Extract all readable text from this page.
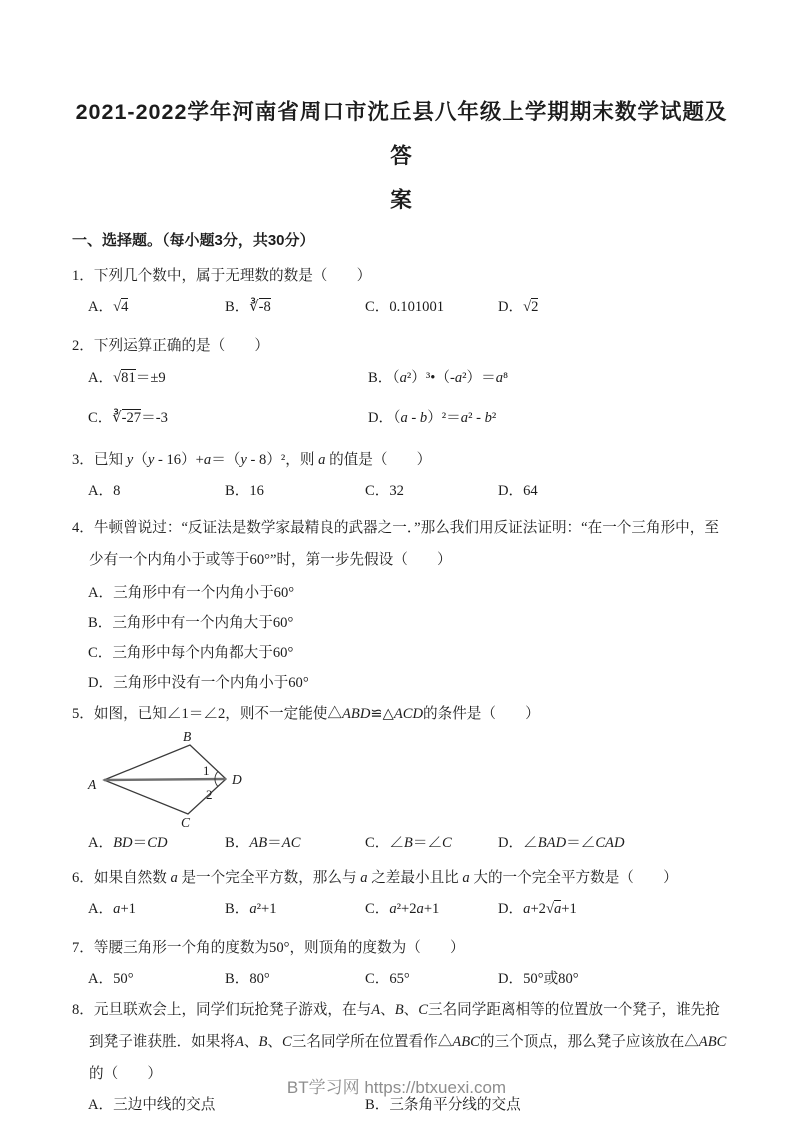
2021-2022学年河南省周口市沈丘县八年级上学期期末数学试题及答
案
一、选择题。（每小题3分，共30分）

1．下列几个数中，属于无理数的数是（　　）

A．√4	B．∛-8	C．0.101001	D．√2

2．下列运算正确的是（　　）

A．√81＝±9	B．（a²）³•（-a²）＝a⁸
C．∛-27＝-3	D．（a - b）²＝a² - b²

3．已知 y（y - 16）+a＝（y - 8）²，则 a 的值是（　　）

A．8	B．16	C．32	D．64

4．牛顿曾说过：“反证法是数学家最精良的武器之一．”那么我们用反证法证明：“在一个三角形中，至少有一个内角小于或等于60°”时，第一步先假设（　　）

A．三角形中有一个内角小于60°
B．三角形中有一个内角大于60°
C．三角形中每个内角都大于60°
D．三角形中没有一个内角小于60°

5．如图，已知∠1＝∠2，则不一定能使△ABD≌△ACD的条件是（　　）

A
B
C
D
1
2
A．BD＝CD	B．AB＝AC	C．∠B＝∠C	D．∠BAD＝∠CAD

6．如果自然数 a 是一个完全平方数，那么与 a 之差最小且比 a 大的一个完全平方数是（　　）

A．a+1	B．a²+1	C．a²+2a+1	D．a+2√a+1

7．等腰三角形一个角的度数为50°，则顶角的度数为（　　）

A．50°	B．80°	C．65°	D．50°或80°

8．元旦联欢会上，同学们玩抢凳子游戏，在与A、B、C三名同学距离相等的位置放一个凳子，谁先抢到凳子谁获胜．如果将A、B、C三名同学所在位置看作△ABC的三个顶点，那么凳子应该放在△ABC的（　　）

A．三边中线的交点	B．三条角平分线的交点
BT学习网 https://btxuexi.com
